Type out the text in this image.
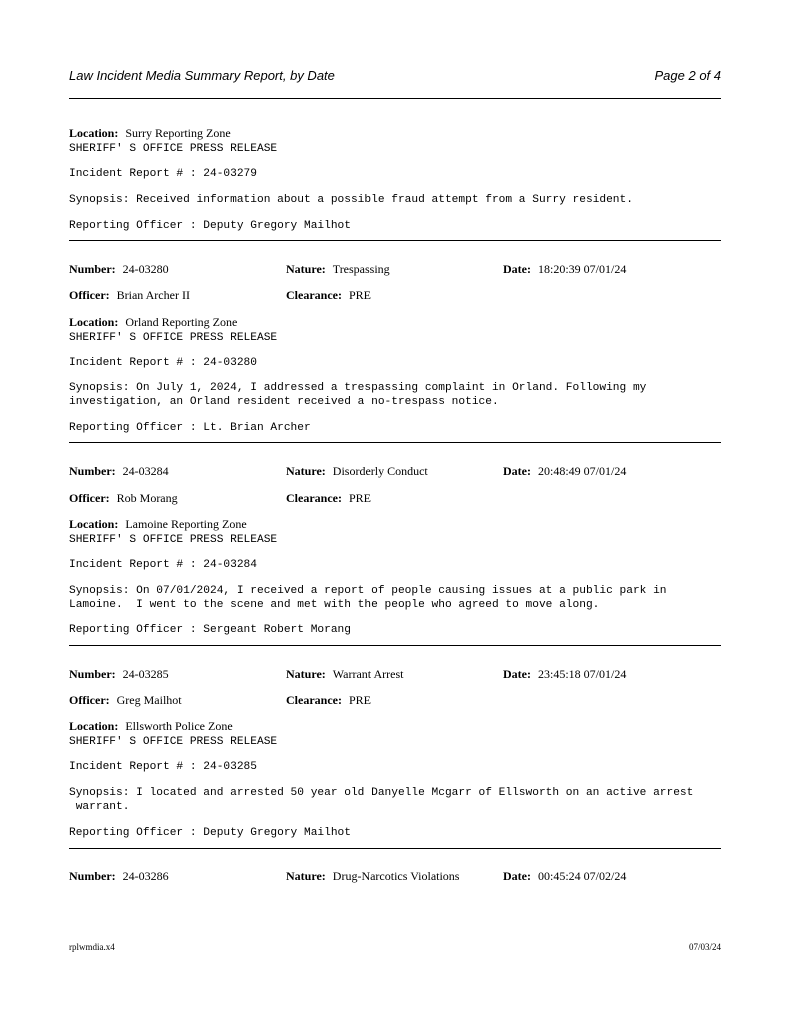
Law Incident Media Summary Report, by Date	Page 2 of 4
Location: Surry Reporting Zone
SHERIFF' S OFFICE PRESS RELEASE
Incident Report # : 24-03279
Synopsis: Received information about a possible fraud attempt from a Surry resident.
Reporting Officer : Deputy Gregory Mailhot
Number: 24-03280	Nature: Trespassing	Date: 18:20:39 07/01/24
Officer: Brian Archer II	Clearance: PRE
Location: Orland Reporting Zone
SHERIFF' S OFFICE PRESS RELEASE
Incident Report # : 24-03280
Synopsis: On July 1, 2024, I addressed a trespassing complaint in Orland. Following my
investigation, an Orland resident received a no-trespass notice.
Reporting Officer : Lt. Brian Archer
Number: 24-03284	Nature: Disorderly Conduct	Date: 20:48:49 07/01/24
Officer: Rob Morang	Clearance: PRE
Location: Lamoine Reporting Zone
SHERIFF' S OFFICE PRESS RELEASE
Incident Report # : 24-03284
Synopsis: On 07/01/2024, I received a report of people causing issues at a public park in
Lamoine.  I went to the scene and met with the people who agreed to move along.
Reporting Officer : Sergeant Robert Morang
Number: 24-03285	Nature: Warrant Arrest	Date: 23:45:18 07/01/24
Officer: Greg Mailhot	Clearance: PRE
Location: Ellsworth Police Zone
SHERIFF' S OFFICE PRESS RELEASE
Incident Report # : 24-03285
Synopsis: I located and arrested 50 year old Danyelle Mcgarr of Ellsworth on an active arrest
warrant.
Reporting Officer : Deputy Gregory Mailhot
Number: 24-03286	Nature: Drug-Narcotics Violations	Date: 00:45:24 07/02/24
rplwmdia.x4	07/03/24
